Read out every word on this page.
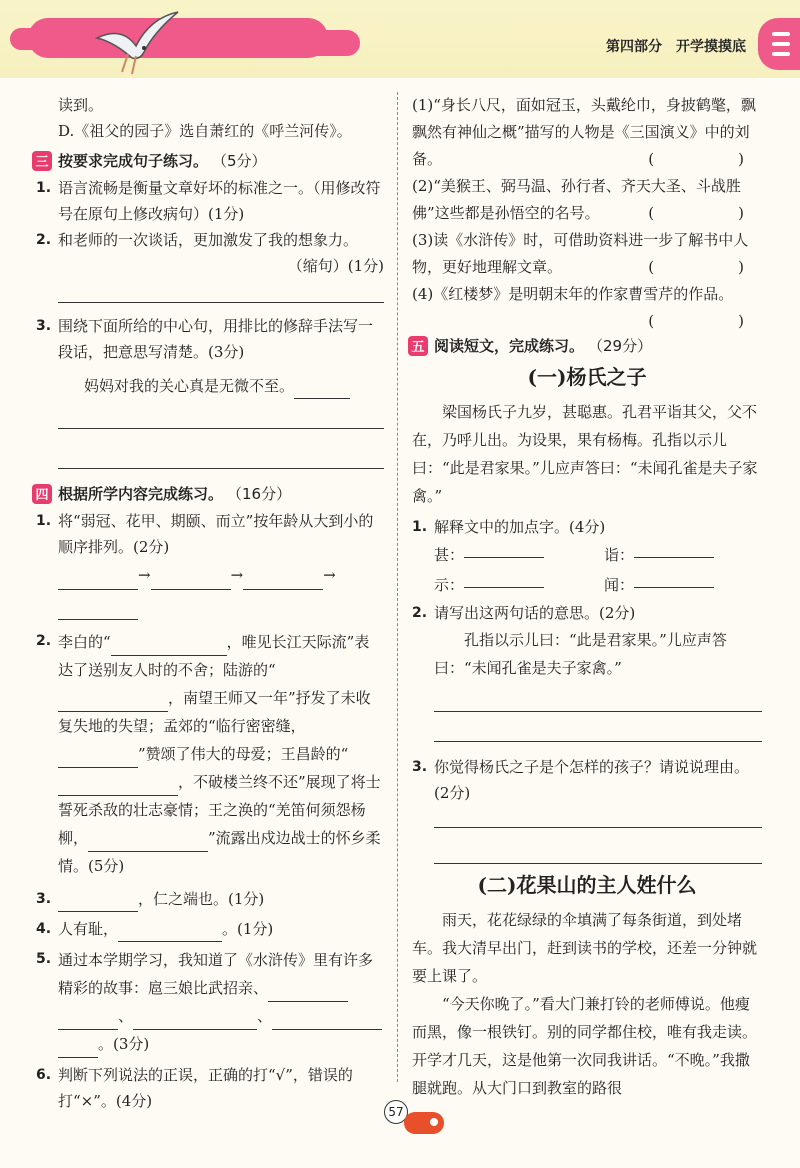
第四部分　开学摸摸底

读到。

D.《祖父的园子》选自萧红的《呼兰河传》。

三 按要求完成句子练习。 （5分）
1. 语言流畅是衡量文章好坏的标准之一。（用修改符号在原句上修改病句）(1分)
2. 和老师的一次谈话，更加激发了我的想象力。
（缩句）(1分)
3. 围绕下面所给的中心句，用排比的修辞手法写一段话，把意思写清楚。(3分)
妈妈对我的关心真是无微不至。
四 根据所学内容完成练习。 （16分）
1. 将“弱冠、花甲、期颐、而立”按年龄从大到小的顺序排列。(2分)
→	→	→

2. 李白的“	，唯见长江天际流”表达了送别友人时的不舍；陆游的“，南望王师又一年”抒发了未收复失地的失望；孟郊的“临行密密缝，”赞颂了伟大的母爱；王昌龄的“，不破楼兰终不还”展现了将士誓死杀敌的壮志豪情；王之涣的“羌笛何须怨杨柳，	”流露出戍边战士的怀乡柔情。(5分)
3.	，仁之端也。(1分)
4. 人有耻，	。(1分)
5. 通过本学期学习，我知道了《水浒传》里有许多精彩的故事：扈三娘比武招亲、
、	、
。(3分)
6. 判断下列说法的正误，正确的打“√”，错误的打“×”。(4分)
(1)“身长八尺，面如冠玉，头戴纶巾，身披鹤氅，飘飘然有神仙之概”描写的人物是《三国演义》中的刘备。	(　　)
(2)“美猴王、弼马温、孙行者、齐天大圣、斗战胜佛”这些都是孙悟空的名号。	(　　)
(3)读《水浒传》时，可借助资料进一步了解书中人物，更好地理解文章。	(　　)
(4)《红楼梦》是明朝末年的作家曹雪芹的作品。
(　　)
五 阅读短文，完成练习。 （29分）
(一)杨氏之子

梁国杨氏子九岁，甚聪惠。孔君平诣其父，父不在，乃呼儿出。为设果，果有杨梅。孔指以示儿曰：“此是君家果。”儿应声答曰：“未闻孔雀是夫子家禽。”

1. 解释文中的加点字。(4分)
甚：	诣：
示：	闻：
2. 请写出这两句话的意思。(2分)

孔指以示儿曰：“此是君家果。”儿应声答曰：“未闻孔雀是夫子家禽。”

3. 你觉得杨氏之子是个怎样的孩子？请说说理由。(2分)
(二)花果山的主人姓什么

雨天，花花绿绿的伞填满了每条街道，到处堵车。我大清早出门，赶到读书的学校，还差一分钟就要上课了。

“今天你晚了。”看大门兼打铃的老师傅说。他瘦而黑，像一根铁钉。别的同学都住校，唯有我走读。开学才几天，这是他第一次同我讲话。“不晚。”我撒腿就跑。从大门口到教室的路很

57
